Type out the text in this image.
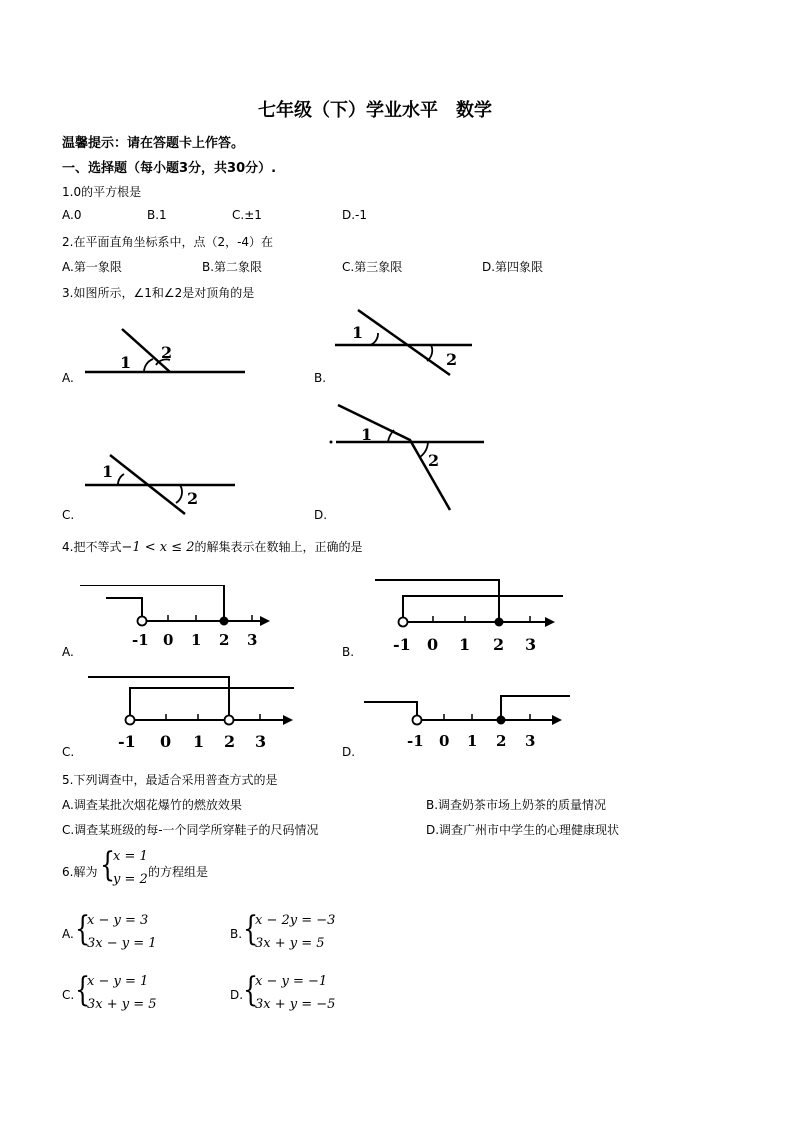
七年级（下）学业水平　数学
温馨提示：请在答题卡上作答。
一、选择题（每小题3分，共30分）.
1.0的平方根是
A.0	B.1	C.±1	D.-1
2.在平面直角坐标系中，点（2，-4）在
A.第一象限	B.第二象限	C.第三象限	D.第四象限
3.如图所示，∠1和∠2是对顶角的是
1
2
A.
1
2
B.
1
2
C.
1
2
D.
4.把不等式−1 < x ≤ 2的解集表示在数轴上，正确的是
-1 0 1 2 3
A.	-1 0 1 2 3
B.
-1 0 1 2 3
C.
-1 0 1 2 3
D.
5.下列调查中，最适合采用普查方式的是
A.调查某批次烟花爆竹的燃放效果	B.调查奶茶市场上奶茶的质量情况
C.调查某班级的每-一个同学所穿鞋子的尺码情况	D.调查广州市中学生的心理健康现状
6.解为 {
x = 1
y = 2 的方程组是
A. {
x − y = 3
3x − y = 1
B. {
x − 2y = −3
3x + y = 5
C. {
x − y = 1
3x + y = 5
D. {
x − y = −1
3x + y = −5
